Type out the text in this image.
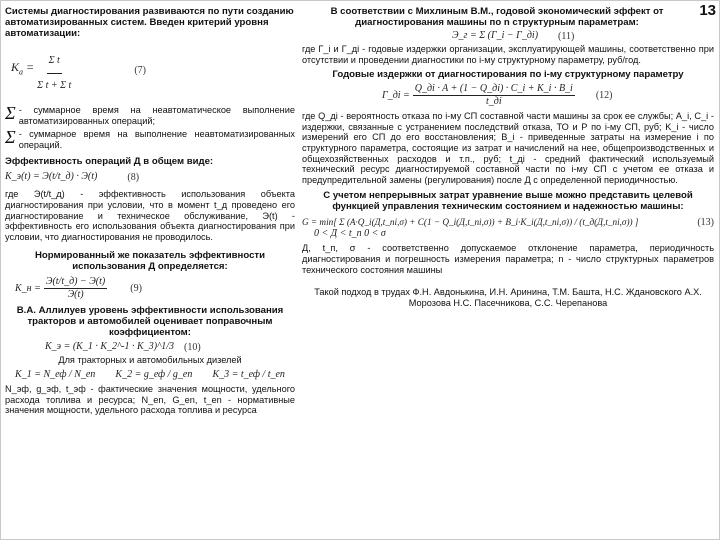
13

Системы диагностирования развиваются по пути созданию автоматизированных систем. Введен критерий уровня автоматизации:

$K_a = \frac{\text{Σ t}}{\text{Σ t + Σ t}}$	(7)
Σ - суммарное время на неавтоматическое выполнение автоматизированных операций;

Σ - суммарное время на выполнение неавтоматизированных операций.

Эффективность операций Д в общем виде:

K_э(t) = Э(t/t_д) · Э(t)	(8)

где Э(t/t_д) - эффективность использования объекта диагностирования при условии, что в момент t_д проведено его диагностирование и техническое обслуживание, Э(t) - эффективность его использования объекта диагностирования при условии, что диагностирования не проводилось.

Нормированный же показатель эффективности использования Д определяется:

K_н = $\frac{Э(t/t\_д) - Э(t)}{Э(t)} (9)$

В.А. Аллилуев уровень эффективности использования тракторов и автомобилей оценивает поправочным коэффициентом:

K_э = (K_1 · K_2^-1 · K_3)^1/3 (10)

Для тракторных и автомобильных дизелей

K_1 = N_еф / N_еn K_2 = g_еф / g_еn K_3 = t_еф / t_еn

N_эф, g_эф, t_эф - фактические значения мощности, удельного расхода топлива и ресурса; N_en, G_en, t_en - нормативные значения мощности, удельного расхода топлива и ресурса

В соответствии с Михлиным В.М., годовой экономический эффект от диагностирования машины по n структурным параметрам:

Э_г = Σ (Г_i − Г_дi) (11)

где Г_i и Г_дi - годовые издержки организации, эксплуатирующей машины, соответственно при отсутствии и проведении диагностики по i-му структурному параметру, руб/год.

Годовые издержки от диагностирования по i-му структурному параметру

Г_дi = $\frac{Q\_дi \cdot A + (1 - Q\_дi) \cdot C\_i + K\_i \cdot B\_i}{t\_дi} (12)$

где Q_дi - вероятность отказа по i-му СП составной части машины за срок ее службы; A_i, C_i - издержки, связанные с устранением последствий отказа, ТО и Р по i-му СП, руб; K_i - число измерений его СП до его восстановления; B_i - приведенные затраты на измерение i по структурного параметра, состоящие из затрат и начислений на нее, общепроизводственных и общехозяйственных расходов и т.п., руб; t_дi - средний фактический используемый технический ресурс диагностируемой составной части по i-му СП с учетом ее отказа и предупредительной замены (регулирования) после Д с определенной периодичностью.

С учетом непрерывных затрат уравнение выше можно представить целевой функцией управления техническим состоянием и надежностью машины:

G = min[ Σ (A·Q_i(Д,t_пi,σ) + C(1 − Q_i(Д,t_пi,σ)) + B_i·K_i(Д,t_пi,σ)) / (t_д(Д,t_пi,σ)) ]	(13)
0 < Д < t_п 0 < σ

Д, t_п, σ - соответственно допускаемое отклонение параметра, периодичность диагностирования и погрешность измерения параметра; n - число структурных параметров технического состояния машины

Такой подход в трудах Ф.Н. Авдонькина, И.Н. Аринина, Т.М. Башта, Н.С. Ждановского А.Х. Морозова Н.С. Пасечникова, С.С. Черепанова
